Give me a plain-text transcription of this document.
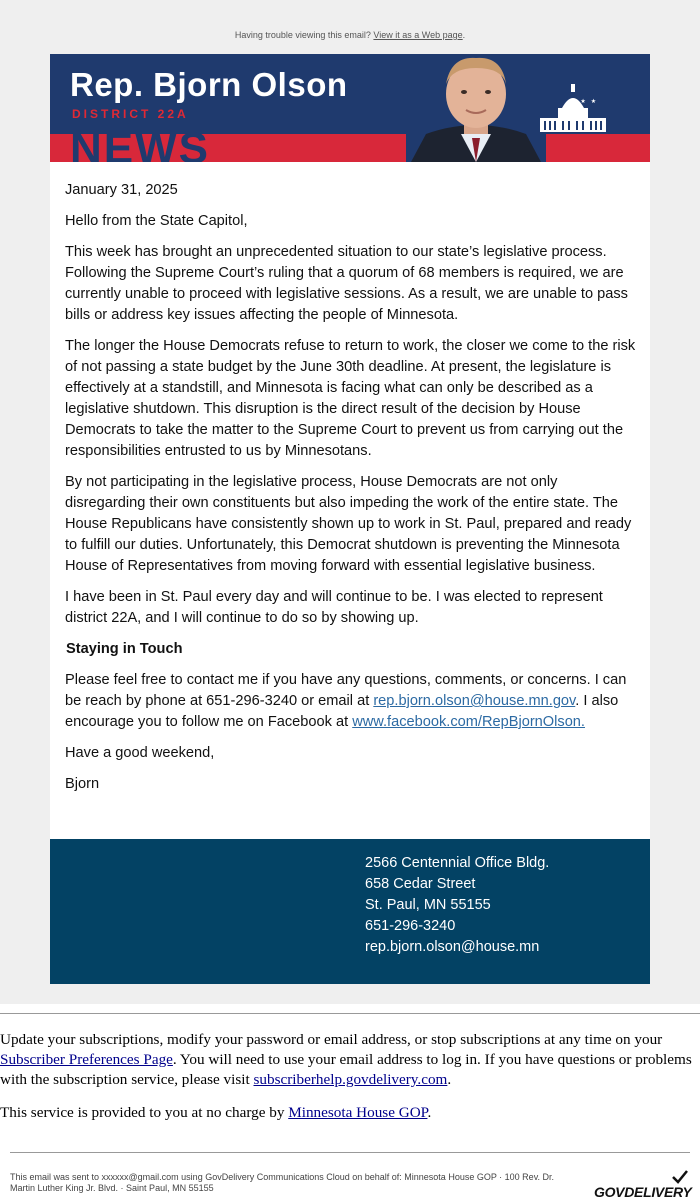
Having trouble viewing this email? View it as a Web page.
NEWS
Rep. Bjorn Olson
DISTRICT 22A
★   ★   ★

January 31, 2025

Hello from the State Capitol,

This week has brought an unprecedented situation to our state’s legislative process. Following the Supreme Court’s ruling that a quorum of 68 members is required, we are currently unable to proceed with legislative sessions. As a result, we are unable to pass bills or address key issues affecting the people of Minnesota.

The longer the House Democrats refuse to return to work, the closer we come to the risk of not passing a state budget by the June 30th deadline. At present, the legislature is effectively at a standstill, and Minnesota is facing what can only be described as a legislative shutdown. This disruption is the direct result of the decision by House Democrats to take the matter to the Supreme Court to prevent us from carrying out the responsibilities entrusted to us by Minnesotans.

By not participating in the legislative process, House Democrats are not only disregarding their own constituents but also impeding the work of the entire state. The House Republicans have consistently shown up to work in St. Paul, prepared and ready to fulfill our duties. Unfortunately, this Democrat shutdown is preventing the Minnesota House of Representatives from moving forward with essential legislative business.

I have been in St. Paul every day and will continue to be. I was elected to represent district 22A, and I will continue to do so by showing up.

Staying in Touch

Please feel free to contact me if you have any questions, comments, or concerns. I can be reach by phone at 651-296-3240 or email at rep.bjorn.olson@house.mn.gov. I also encourage you to follow me on Facebook at www.facebook.com/RepBjornOlson.

Have a good weekend,

Bjorn

2566 Centennial Office Bldg.
658 Cedar Street
St. Paul, MN 55155
651-296-3240
rep.bjorn.olson@house.mn

Update your subscriptions, modify your password or email address, or stop subscriptions at any time on your Subscriber Preferences Page. You will need to use your email address to log in. If you have questions or problems with the subscription service, please visit subscriberhelp.govdelivery.com.

This service is provided to you at no charge by Minnesota House GOP.

This email was sent to xxxxxx@gmail.com using GovDelivery Communications Cloud on behalf of: Minnesota House GOP · 100 Rev. Dr. Martin Luther King Jr. Blvd. · Saint Paul, MN 55155	GOVDELIVERY
